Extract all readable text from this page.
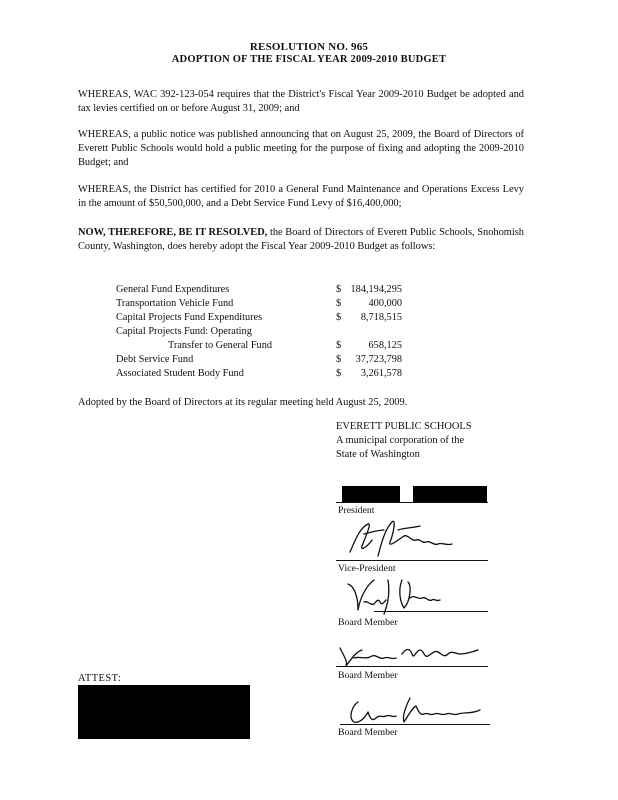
RESOLUTION NO. 965
ADOPTION OF THE FISCAL YEAR 2009-2010 BUDGET
WHEREAS, WAC 392-123-054 requires that the District's Fiscal Year 2009-2010 Budget be adopted and tax levies certified on or before August 31, 2009; and
WHEREAS, a public notice was published announcing that on August 25, 2009, the Board of Directors of Everett Public Schools would hold a public meeting for the purpose of fixing and adopting the 2009-2010 Budget; and
WHEREAS, the District has certified for 2010 a General Fund Maintenance and Operations Excess Levy in the amount of $50,500,000, and a Debt Service Fund Levy of $16,400,000;
NOW, THEREFORE, BE IT RESOLVED, the Board of Directors of Everett Public Schools, Snohomish County, Washington, does hereby adopt the Fiscal Year 2009-2010 Budget as follows:
General Fund Expenditures	$ 184,194,295
Transportation Vehicle Fund	$	400,000
Capital Projects Fund Expenditures	$ 8,718,515
Capital Projects Fund: Operating
Transfer to General Fund	$	658,125
Debt Service Fund	$ 37,723,798
Associated Student Body Fund	$ 3,261,578
Adopted by the Board of Directors at its regular meeting held August 25, 2009.
EVERETT PUBLIC SCHOOLS
A municipal corporation of the
State of Washington
President
Vice-President
Board Member
Board Member
Board Member
ATTEST:
